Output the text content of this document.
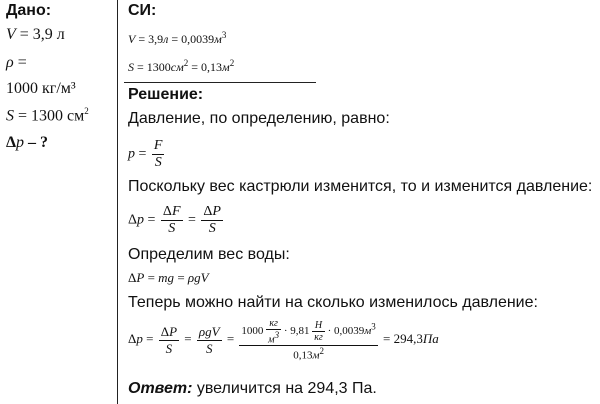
Дано:
V = 3,9 л
ρ =
1000 кг/м³
S = 1300 $см^2$
Δp – ?
СИ:
$V = 3,9л = 0,0039м^3$
$S = 1300см^2 = 0,13м^2$
Решение:
Давление, по определению, равно:
$p = \frac{F}{S}$
Поскольку вес кастрюли изменится, то и изменится давление:
$\Delta p = \frac{\Delta F}{S} = \frac{\Delta P}{S}$
Определим вес воды:
ΔP = mg = ρgV
Теперь можно найти на сколько изменилось давление:
$\Delta p = \frac{\Delta P}{S} = \frac{\text{ρgV}}{S} = \frac{1000 \frac{кг}{м3} \cdot 9,81 \frac{Н}{кг} \cdot 0,0039м^3}{0,13м^2} = 294,3Па$
Ответ: увеличится на 294,3 Па.
